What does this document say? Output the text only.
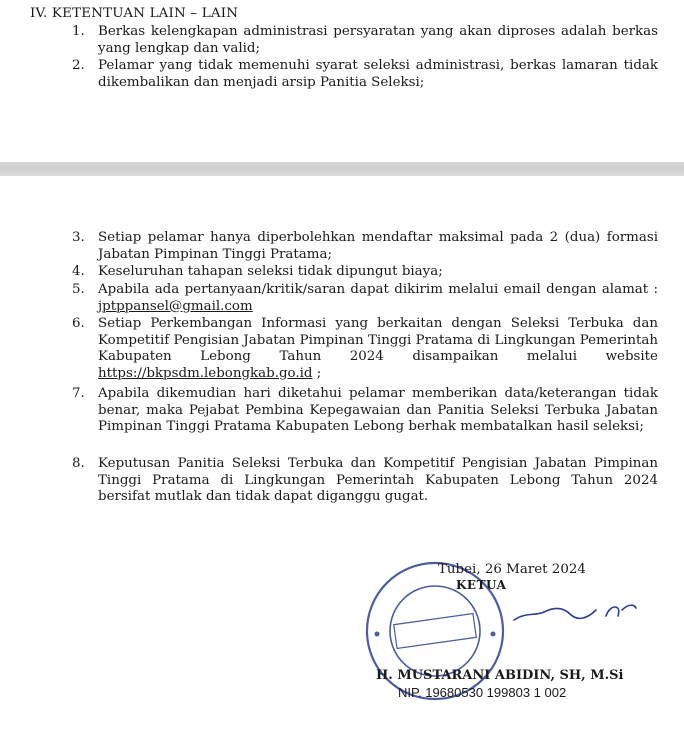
IV. KETENTUAN LAIN – LAIN
1. Berkas kelengkapan administrasi persyaratan yang akan diproses adalah berkas yang lengkap dan valid;
2. Pelamar yang tidak memenuhi syarat seleksi administrasi, berkas lamaran tidak dikembalikan dan menjadi arsip Panitia Seleksi;
3. Setiap pelamar hanya diperbolehkan mendaftar maksimal pada 2 (dua) formasi Jabatan Pimpinan Tinggi Pratama;
4. Keseluruhan tahapan seleksi tidak dipungut biaya;
5. Apabila ada pertanyaan/kritik/saran dapat dikirim melalui email dengan alamat : jptppansel@gmail.com
6. Setiap Perkembangan Informasi yang berkaitan dengan Seleksi Terbuka dan Kompetitif Pengisian Jabatan Pimpinan Tinggi Pratama di Lingkungan Pemerintah Kabupaten Lebong Tahun 2024 disampaikan melalui website https://bkpsdm.lebongkab.go.id ;
7. Apabila dikemudian hari diketahui pelamar memberikan data/keterangan tidak benar, maka Pejabat Pembina Kepegawaian dan Panitia Seleksi Terbuka Jabatan Pimpinan Tinggi Pratama Kabupaten Lebong berhak membatalkan hasil seleksi;
8. Keputusan Panitia Seleksi Terbuka dan Kompetitif Pengisian Jabatan Pimpinan Tinggi Pratama di Lingkungan Pemerintah Kabupaten Lebong Tahun 2024 bersifat mutlak dan tidak dapat diganggu gugat.
Tubei, 26 Maret 2024
KETUA
H. MUSTARANI ABIDIN, SH, M.Si
NIP. 19680530 199803 1 002
